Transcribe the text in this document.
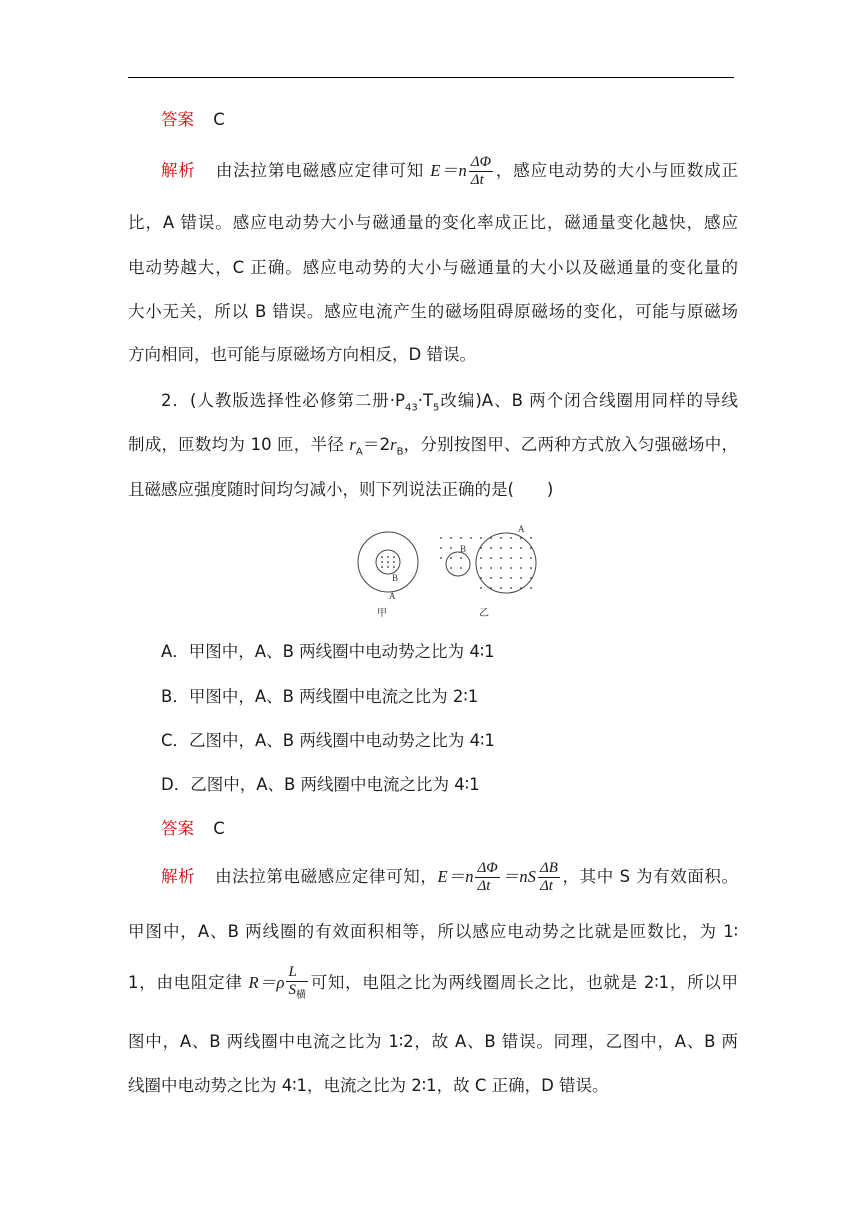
答案 C
解析 由法拉第电磁感应定律可知 $E=n \frac{\Delta\Phi}{\Delta t}$ ，感应电动势的大小与匝数成正
比，A 错误。感应电动势大小与磁通量的变化率成正比，磁通量变化越快，感应
电动势越大，C 正确。感应电动势的大小与磁通量的大小以及磁通量的变化量的
大小无关，所以 B 错误。感应电流产生的磁场阻碍原磁场的变化，可能与原磁场
方向相同，也可能与原磁场方向相反，D 错误。
2．(人教版选择性必修第二册$\cdot P_{43}\cdot T_5$改编)A、B 两个闭合线圈用同样的导线
制成，匝数均为 10 匝，半径 $r_A=2r_B$，分别按图甲、乙两种方式放入匀强磁场中，
且磁感应强度随时间均匀减小，则下列说法正确的是(　　)
B
A
甲
B
A
乙
A．甲图中，A、B 两线圈中电动势之比为 4∶1
B．甲图中，A、B 两线圈中电流之比为 2∶1
C．乙图中，A、B 两线圈中电动势之比为 4∶1
D．乙图中，A、B 两线圈中电流之比为 4∶1
答案 C
解析 由法拉第电磁感应定律可知，$E=n \frac{\Delta\Phi}{\Delta t} =nS \frac{\Delta B}{\Delta t}$ ，其中 S 为有效面积。
甲图中，A、B 两线圈的有效面积相等，所以感应电动势之比就是匝数比，为 1∶
1，由电阻定律 $R=\rho \frac{L}{S_横}$ 可知，电阻之比为两线圈周长之比，也就是 2∶1，所以甲
图中，A、B 两线圈中电流之比为 1∶2，故 A、B 错误。同理，乙图中，A、B 两
线圈中电动势之比为 4∶1，电流之比为 2∶1，故 C 正确，D 错误。
